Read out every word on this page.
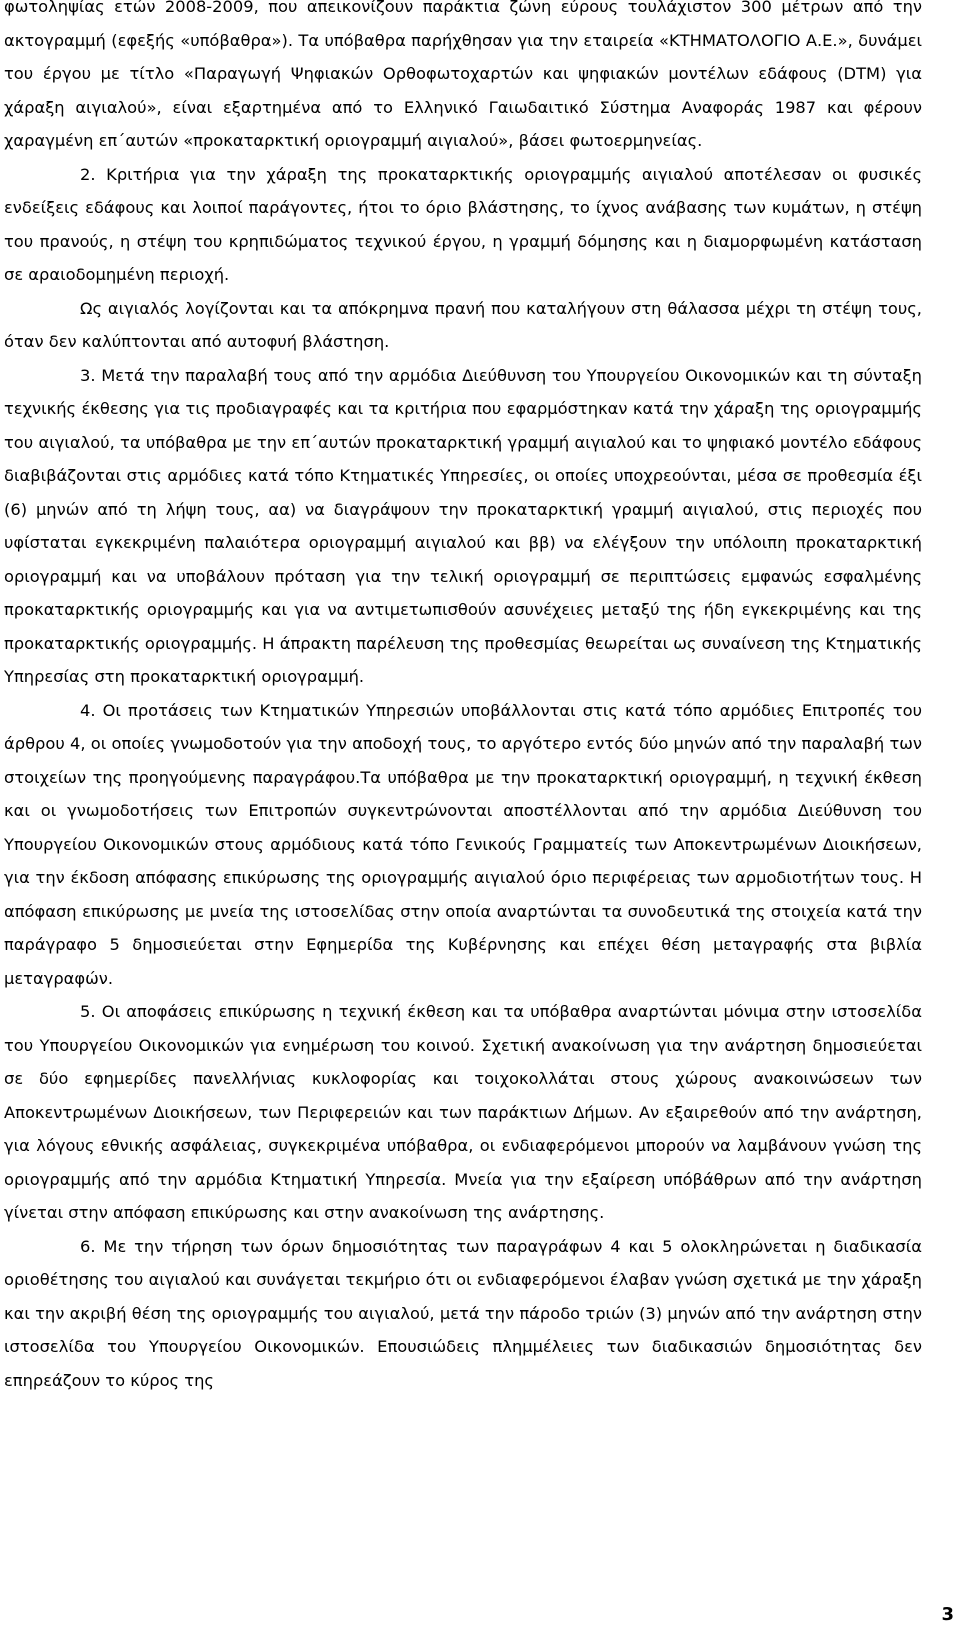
φωτοληψίας ετών 2008-2009, που απεικονίζουν παράκτια ζώνη εύρους τουλάχιστον 300 μέτρων από την ακτογραμμή (εφεξής «υπόβαθρα»). Τα υπόβαθρα παρήχθησαν για την εταιρεία «ΚΤΗΜΑΤΟΛΟΓΙΟ Α.Ε.», δυνάμει του έργου με τίτλο «Παραγωγή Ψηφιακών Ορθοφωτοχαρτών και ψηφιακών μοντέλων εδάφους (DTM) για χάραξη αιγιαλού», είναι εξαρτημένα από το Ελληνικό Γαιωδαιτικό Σύστημα Αναφοράς 1987 και φέρουν χαραγμένη επ΄αυτών «προκαταρκτική οριογραμμή αιγιαλού», βάσει φωτοερμηνείας.

2. Κριτήρια για την χάραξη της προκαταρκτικής οριογραμμής αιγιαλού αποτέλεσαν οι φυσικές ενδείξεις εδάφους και λοιποί παράγοντες, ήτοι το όριο βλάστησης, το ίχνος ανάβασης των κυμάτων, η στέψη του πρανούς, η στέψη του κρηπιδώματος τεχνικού έργου, η γραμμή δόμησης και η διαμορφωμένη κατάσταση σε αραιοδομημένη περιοχή.

Ως αιγιαλός λογίζονται και τα απόκρημνα πρανή που καταλήγουν στη θάλασσα μέχρι τη στέψη τους, όταν δεν καλύπτονται από αυτοφυή βλάστηση.

3. Μετά την παραλαβή τους από την αρμόδια Διεύθυνση του Υπουργείου Οικονομικών και τη σύνταξη τεχνικής έκθεσης για τις προδιαγραφές και τα κριτήρια που εφαρμόστηκαν κατά την χάραξη της οριογραμμής του αιγιαλού, τα υπόβαθρα με την επ΄αυτών προκαταρκτική γραμμή αιγιαλού και το ψηφιακό μοντέλο εδάφους διαβιβάζονται στις αρμόδιες κατά τόπο Κτηματικές Υπηρεσίες, οι οποίες υποχρεούνται, μέσα σε προθεσμία έξι (6) μηνών από τη λήψη τους, αα) να διαγράψουν την προκαταρκτική γραμμή αιγιαλού, στις περιοχές που υφίσταται εγκεκριμένη παλαιότερα οριογραμμή αιγιαλού και ββ) να ελέγξουν την υπόλοιπη προκαταρκτική οριογραμμή και να υποβάλουν πρόταση για την τελική οριογραμμή σε περιπτώσεις εμφανώς εσφαλμένης προκαταρκτικής οριογραμμής και για να αντιμετωπισθούν ασυνέχειες μεταξύ της ήδη εγκεκριμένης και της προκαταρκτικής οριογραμμής. Η άπρακτη παρέλευση της προθεσμίας θεωρείται ως συναίνεση της Κτηματικής Υπηρεσίας στη προκαταρκτική οριογραμμή.

4. Οι προτάσεις των Κτηματικών Υπηρεσιών υποβάλλονται στις κατά τόπο αρμόδιες Επιτροπές του άρθρου 4, οι οποίες γνωμοδοτούν για την αποδοχή τους, το αργότερο εντός δύο μηνών από την παραλαβή των στοιχείων της προηγούμενης παραγράφου.Τα υπόβαθρα με την προκαταρκτική οριογραμμή, η τεχνική έκθεση και οι γνωμοδοτήσεις των Επιτροπών συγκεντρώνονται αποστέλλονται από την αρμόδια Διεύθυνση του Υπουργείου Οικονομικών στους αρμόδιους κατά τόπο Γενικούς Γραμματείς των Αποκεντρωμένων Διοικήσεων, για την έκδοση απόφασης επικύρωσης της οριογραμμής αιγιαλού όριο περιφέρειας των αρμοδιοτήτων τους. Η απόφαση επικύρωσης με μνεία της ιστοσελίδας στην οποία αναρτώνται τα συνοδευτικά της στοιχεία κατά την παράγραφο 5 δημοσιεύεται στην Εφημερίδα της Κυβέρνησης και επέχει θέση μεταγραφής στα βιβλία μεταγραφών.

5. Οι αποφάσεις επικύρωσης η τεχνική έκθεση και τα υπόβαθρα αναρτώνται μόνιμα στην ιστοσελίδα του Υπουργείου Οικονομικών για ενημέρωση του κοινού. Σχετική ανακοίνωση για την ανάρτηση δημοσιεύεται σε δύο εφημερίδες πανελλήνιας κυκλοφορίας και τοιχοκολλάται στους χώρους ανακοινώσεων των Αποκεντρωμένων Διοικήσεων, των Περιφερειών και των παράκτιων Δήμων. Αν εξαιρεθούν από την ανάρτηση, για λόγους εθνικής ασφάλειας, συγκεκριμένα υπόβαθρα, οι ενδιαφερόμενοι μπορούν να λαμβάνουν γνώση της οριογραμμής από την αρμόδια Κτηματική Υπηρεσία. Μνεία για την εξαίρεση υπόβάθρων από την ανάρτηση γίνεται στην απόφαση επικύρωσης και στην ανακοίνωση της ανάρτησης.

6. Με την τήρηση των όρων δημοσιότητας των παραγράφων 4 και 5 ολοκληρώνεται η διαδικασία οριοθέτησης του αιγιαλού και συνάγεται τεκμήριο ότι οι ενδιαφερόμενοι έλαβαν γνώση σχετικά με την χάραξη και την ακριβή θέση της οριογραμμής του αιγιαλού, μετά την πάροδο τριών (3) μηνών από την ανάρτηση στην ιστοσελίδα του Υπουργείου Οικονομικών. Επουσιώδεις πλημμέλειες των διαδικασιών δημοσιότητας δεν επηρεάζουν το κύρος της

3
